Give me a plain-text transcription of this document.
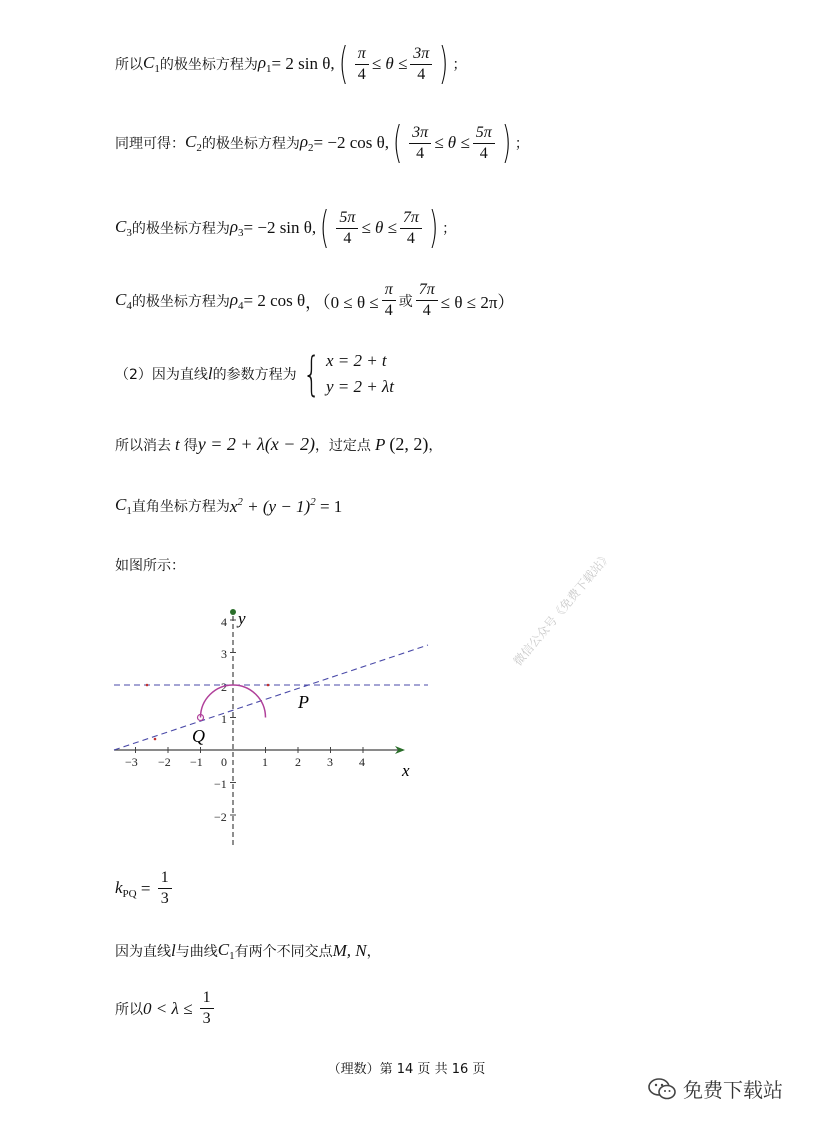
所以 $C_1$ 的极坐标方程为 $\rho_1 = 2$ sin θ, ( $\frac{\pi}{4} \le \theta \le \frac{3\pi}{4}$ ) ；
同理可得： $C_2$ 的极坐标方程为 $\rho_2 = -2$ cos θ, ( $\frac{3\pi}{4} \le \theta \le \frac{5\pi}{4}$ ) ；
$C_3$ 的极坐标方程为 $\rho_3 = -2$ sin θ, ( $\frac{5\pi}{4} \le \theta \le \frac{7\pi}{4}$ ) ；
$C_4$ 的极坐标方程为 $\rho_4 = 2$ cos θ ，（$0 \le \theta \le \frac{\pi}{4}$ 或 $\frac{7\pi}{4} \le \theta \le 2\pi$）
（2）因为直线 l 的参数方程为 { x = 2 + t
y = 2 + λt
所以消去 t 得 y = 2 + λ(x − 2) ，过定点 P (2, 2) ，
$C_1$ 直角坐标方程为 $x^2 + (y - 1)^2 = 1$
如图所示：	微信公众号《免费下载站》
−3 −2 −1 0	1 2 3 4
4
3
2
1
−1
−2
x
y
P
Q
$k_{PQ} = \frac{1}{3}$
因为直线 l 与曲线 $C_1$ 有两个不同交点 M, N ，
所以 $0 < \lambda \le \frac{1}{3}$
（理数）第 14 页 共 16 页
免费下载站
